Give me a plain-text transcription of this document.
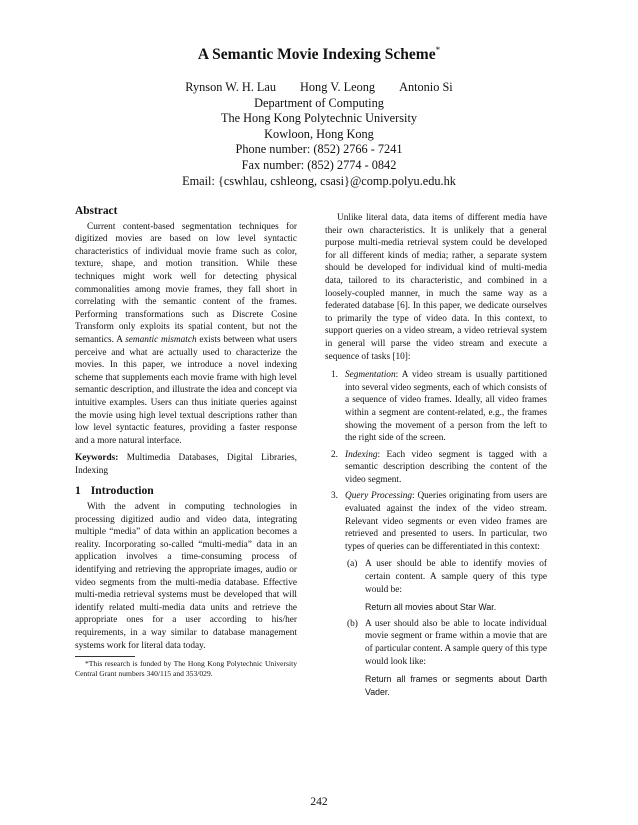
A Semantic Movie Indexing Scheme*
Rynson W. H. Lau Hong V. Leong Antonio Si
Department of Computing
The Hong Kong Polytechnic University
Kowloon, Hong Kong
Phone number: (852) 2766 - 7241
Fax number: (852) 2774 - 0842
Email: {cswhlau, cshleong, csasi}@comp.polyu.edu.hk
Abstract

Current content-based segmentation techniques for digitized movies are based on low level syntactic characteristics of individual movie frame such as color, texture, shape, and motion transition. While these techniques might work well for detecting physical commonalities among movie frames, they fall short in correlating with the semantic content of the frames. Performing transformations such as Discrete Cosine Transform only exploits its spatial content, but not the semantics. A semantic mismatch exists between what users perceive and what are actually used to characterize the movies. In this paper, we introduce a novel indexing scheme that supplements each movie frame with high level semantic description, and illustrate the idea and concept via intuitive examples. Users can thus initiate queries against the movie using high level textual descriptions rather than low level syntactic features, providing a faster response and a more natural interface.

Keywords: Multimedia Databases, Digital Libraries, Indexing

1 Introduction

With the advent in computing technologies in processing digitized audio and video data, integrating multiple “media” of data within an application becomes a reality. Incorporating so-called “multi-media” data in an application involves a time-consuming process of identifying and retrieving the appropriate images, audio or video segments from the multi-media database. Effective multi-media retrieval systems must be developed that will identify related multi-media data units and retrieve the appropriate ones for a user according to his/her requirements, in a way similar to database management systems work for literal data today.

*This research is funded by The Hong Kong Polytechnic University Central Grant numbers 340/115 and 353/029.

Unlike literal data, data items of different media have their own characteristics. It is unlikely that a general purpose multi-media retrieval system could be developed for all different kinds of media; rather, a separate system should be developed for individual kind of multi-media data, tailored to its characteristic, and combined in a loosely-coupled manner, in much the same way as a federated database [6]. In this paper, we dedicate ourselves to primarily the type of video data. In this context, to support queries on a video stream, a video retrieval system in general will parse the video stream and execute a sequence of tasks [10]:

1. Segmentation: A video stream is usually partitioned into several video segments, each of which consists of a sequence of video frames. Ideally, all video frames within a segment are content-related, e.g., the frames showing the movement of a person from the left to the right side of the screen.
2. Indexing: Each video segment is tagged with a semantic description describing the content of the video segment.
3. Query Processing: Queries originating from users are evaluated against the index of the video stream. Relevant video segments or even video frames are retrieved and presented to users. In particular, two types of queries can be differentiated in this context:
(a) A user should be able to identify movies of certain content. A sample query of this type would be:
Return all movies about Star War.
(b) A user should also be able to locate individual movie segment or frame within a movie that are of particular content. A sample query of this type would look like:
Return all frames or segments about Darth Vader.
242
